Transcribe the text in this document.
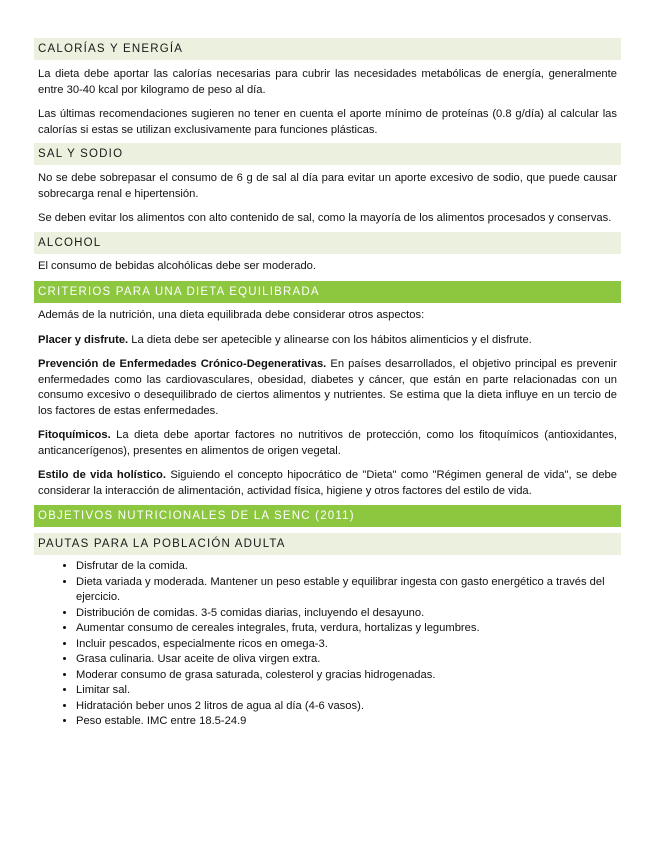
CALORÍAS Y ENERGÍA

La dieta debe aportar las calorías necesarias para cubrir las necesidades metabólicas de energía, generalmente entre 30-40 kcal por kilogramo de peso al día.

Las últimas recomendaciones sugieren no tener en cuenta el aporte mínimo de proteínas (0.8 g/día) al calcular las calorías si estas se utilizan exclusivamente para funciones plásticas.

SAL Y SODIO

No se debe sobrepasar el consumo de 6 g de sal al día para evitar un aporte excesivo de sodio, que puede causar sobrecarga renal e hipertensión.

Se deben evitar los alimentos con alto contenido de sal, como la mayoría de los alimentos procesados y conservas.

ALCOHOL

El consumo de bebidas alcohólicas debe ser moderado.

CRITERIOS PARA UNA DIETA EQUILIBRADA

Además de la nutrición, una dieta equilibrada debe considerar otros aspectos:

Placer y disfrute. La dieta debe ser apetecible y alinearse con los hábitos alimenticios y el disfrute.

Prevención de Enfermedades Crónico-Degenerativas. En países desarrollados, el objetivo principal es prevenir enfermedades como las cardiovasculares, obesidad, diabetes y cáncer, que están en parte relacionadas con un consumo excesivo o desequilibrado de ciertos alimentos y nutrientes. Se estima que la dieta influye en un tercio de los factores de estas enfermedades.

Fitoquímicos. La dieta debe aportar factores no nutritivos de protección, como los fitoquímicos (antioxidantes, anticancerígenos), presentes en alimentos de origen vegetal.

Estilo de vida holístico. Siguiendo el concepto hipocrático de "Dieta" como "Régimen general de vida", se debe considerar la interacción de alimentación, actividad física, higiene y otros factores del estilo de vida.

OBJETIVOS NUTRICIONALES DE LA SENC (2011)
PAUTAS PARA LA POBLACIÓN ADULTA
• Disfrutar de la comida.
• Dieta variada y moderada. Mantener un peso estable y equilibrar ingesta con gasto energético a través del ejercicio.
• Distribución de comidas. 3-5 comidas diarias, incluyendo el desayuno.
• Aumentar consumo de cereales integrales, fruta, verdura, hortalizas y legumbres.
• Incluir pescados, especialmente ricos en omega-3.
• Grasa culinaria. Usar aceite de oliva virgen extra.
• Moderar consumo de grasa saturada, colesterol y gracias hidrogenadas.
• Limitar sal.
• Hidratación beber unos 2 litros de agua al día (4-6 vasos).
• Peso estable. IMC entre 18.5-24.9
